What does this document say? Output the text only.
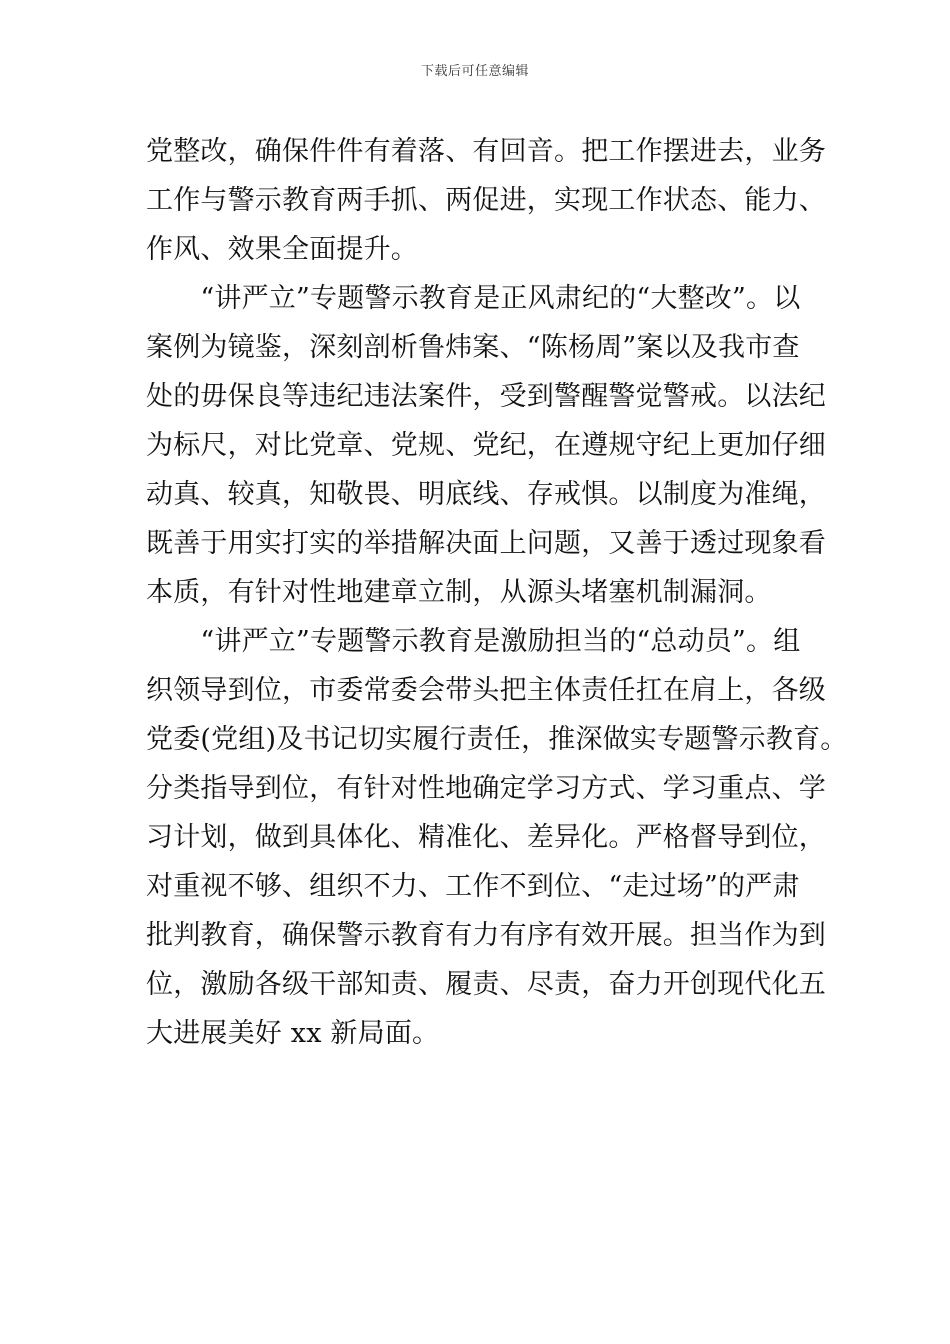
下载后可任意编辑
党整改，确保件件有着落、有回音。把工作摆进去，业务
工作与警示教育两手抓、两促进，实现工作状态、能力、
作风、效果全面提升。
　　“讲严立”专题警示教育是正风肃纪的“大整改”。以
案例为镜鉴，深刻剖析鲁炜案、“陈杨周”案以及我市查
处的毋保良等违纪违法案件，受到警醒警觉警戒。以法纪
为标尺，对比党章、党规、党纪，在遵规守纪上更加仔细
动真、较真，知敬畏、明底线、存戒惧。以制度为准绳，
既善于用实打实的举措解决面上问题，又善于透过现象看
本质，有针对性地建章立制，从源头堵塞机制漏洞。
　　“讲严立”专题警示教育是激励担当的“总动员”。组
织领导到位，市委常委会带头把主体责任扛在肩上，各级
党委(党组)及书记切实履行责任，推深做实专题警示教育。
分类指导到位，有针对性地确定学习方式、学习重点、学
习计划，做到具体化、精准化、差异化。严格督导到位，
对重视不够、组织不力、工作不到位、“走过场”的严肃
批判教育，确保警示教育有力有序有效开展。担当作为到
位，激励各级干部知责、履责、尽责，奋力开创现代化五
大进展美好 xx 新局面。
